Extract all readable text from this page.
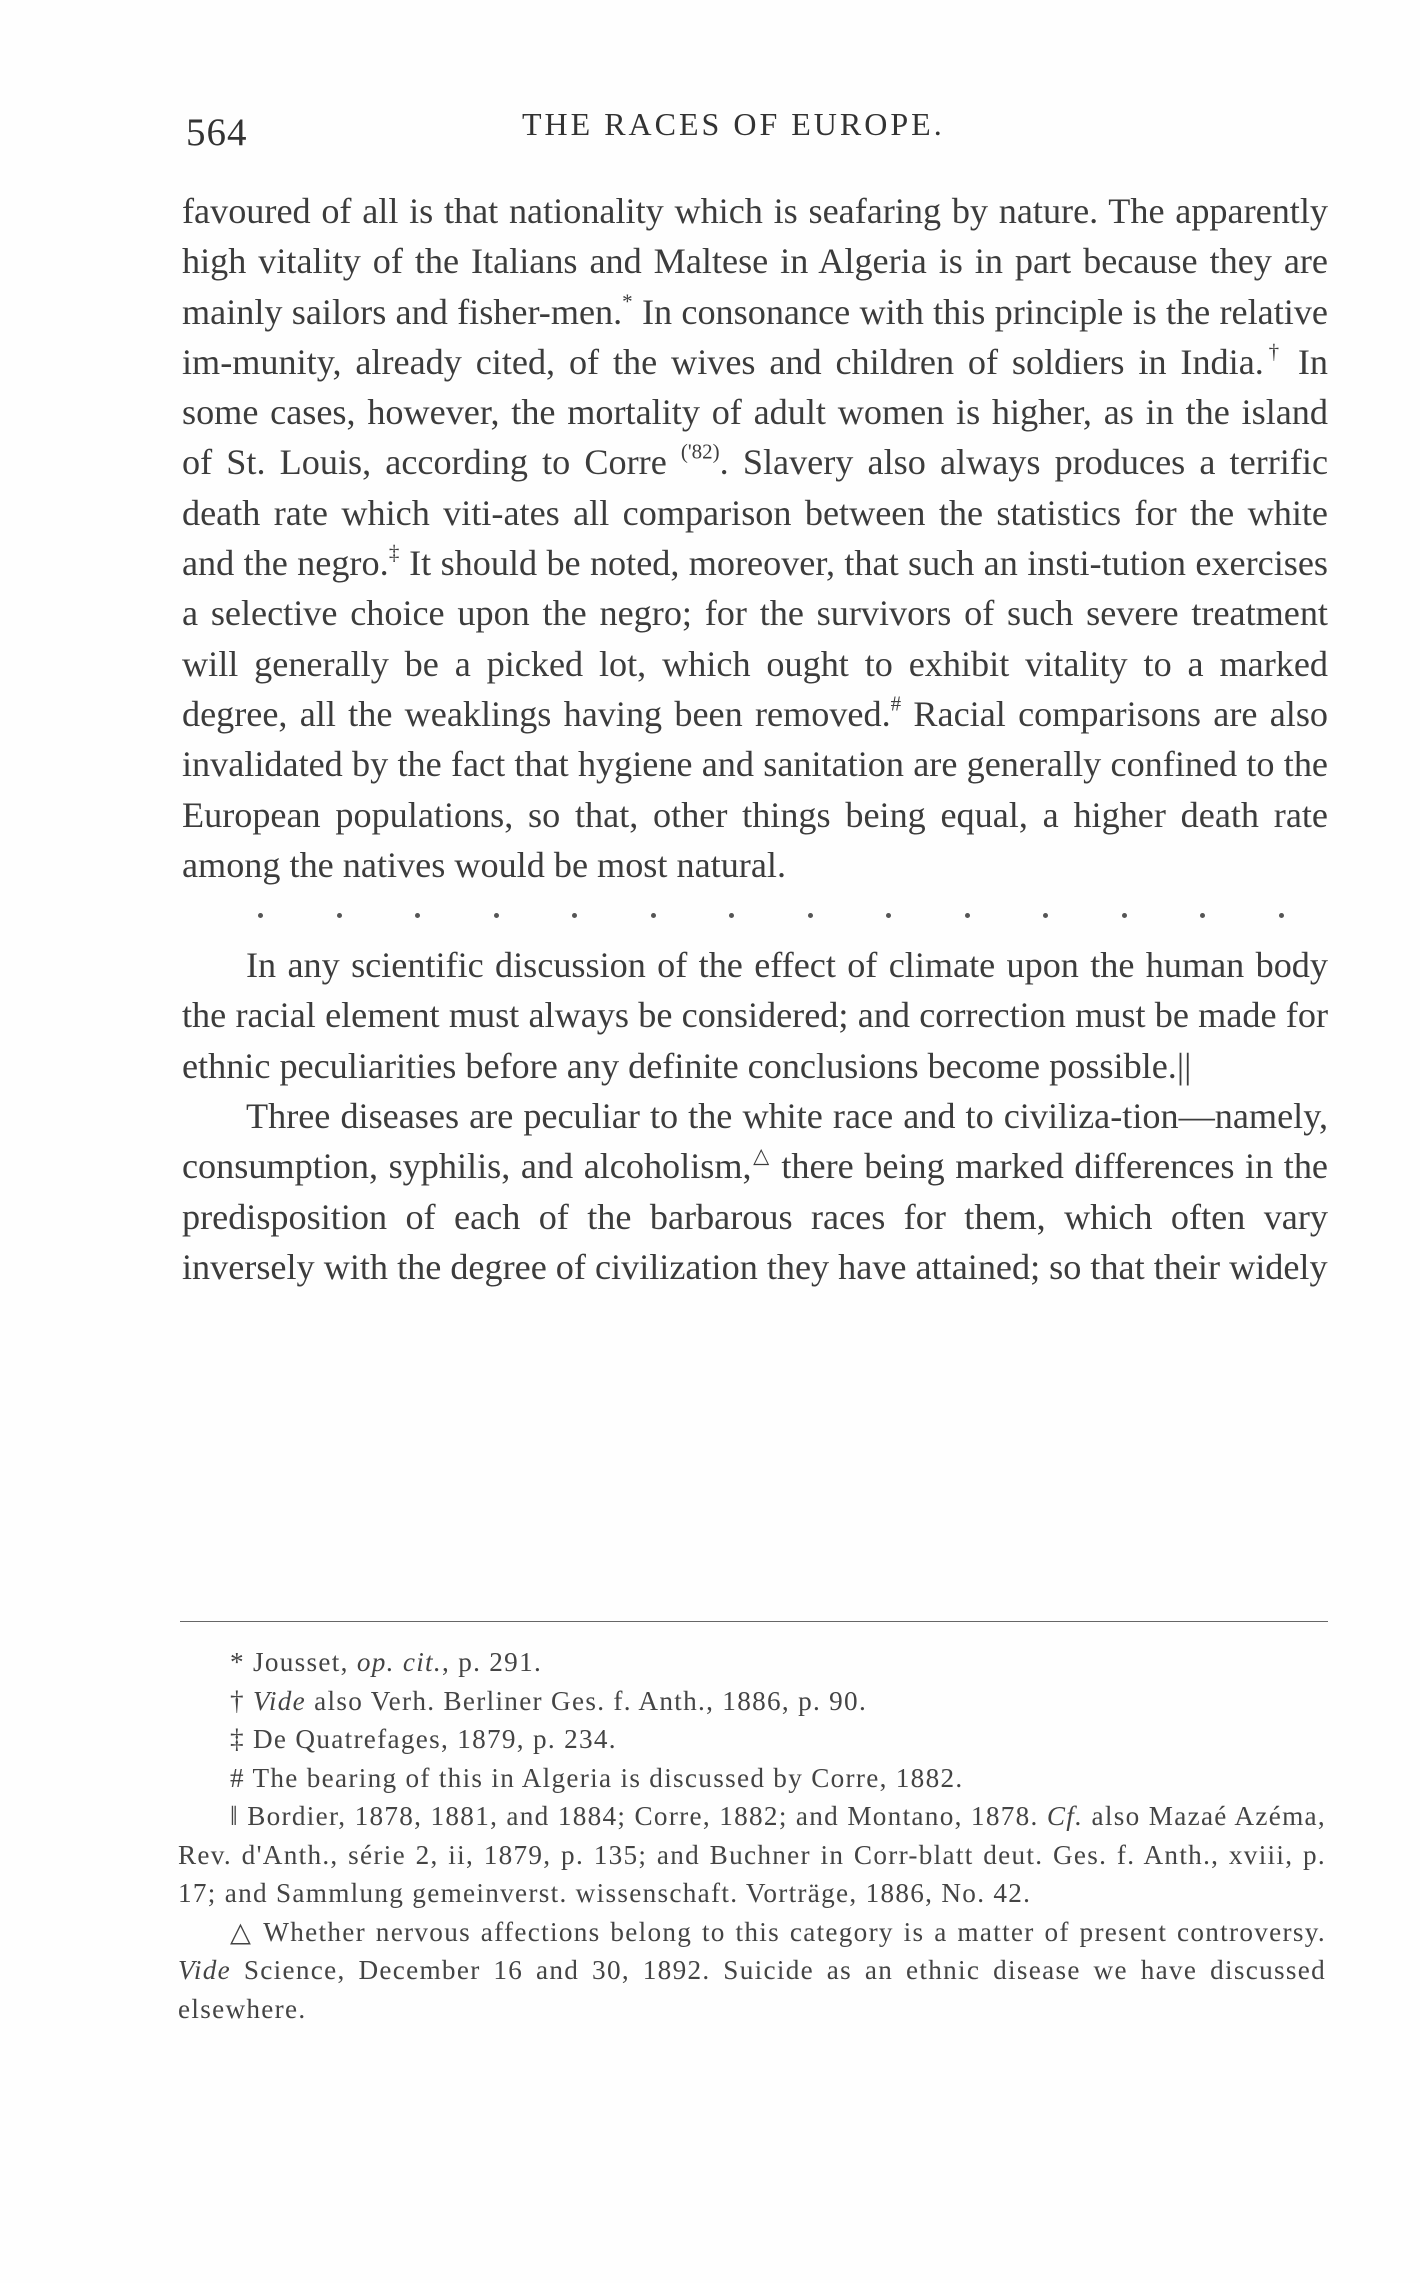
564	THE RACES OF EUROPE.

favoured of all is that nationality which is seafaring by nature. The apparently high vitality of the Italians and Maltese in Algeria is in part because they are mainly sailors and fisher-men.* In consonance with this principle is the relative im-munity, already cited, of the wives and children of soldiers in India.† In some cases, however, the mortality of adult women is higher, as in the island of St. Louis, according to Corre $^{('82)}$. Slavery also always produces a terrific death rate which viti-ates all comparison between the statistics for the white and the negro.‡ It should be noted, moreover, that such an insti-tution exercises a selective choice upon the negro; for the survivors of such severe treatment will generally be a picked lot, which ought to exhibit vitality to a marked degree, all the weaklings having been removed.# Racial comparisons are also invalidated by the fact that hygiene and sanitation are generally confined to the European populations, so that, other things being equal, a higher death rate among the natives would be most natural.

In any scientific discussion of the effect of climate upon the human body the racial element must always be considered; and correction must be made for ethnic peculiarities before any definite conclusions become possible.||

Three diseases are peculiar to the white race and to civiliza-tion—namely, consumption, syphilis, and alcoholism,△ there being marked differences in the predisposition of each of the barbarous races for them, which often vary inversely with the degree of civilization they have attained; so that their widely

* Jousset, op. cit., p. 291.

† Vide also Verh. Berliner Ges. f. Anth., 1886, p. 90.

‡ De Quatrefages, 1879, p. 234.

# The bearing of this in Algeria is discussed by Corre, 1882.

‖ Bordier, 1878, 1881, and 1884; Corre, 1882; and Montano, 1878. Cf. also Mazaé Azéma, Rev. d'Anth., série 2, ii, 1879, p. 135; and Buchner in Corr-blatt deut. Ges. f. Anth., xviii, p. 17; and Sammlung gemeinverst. wissenschaft. Vorträge, 1886, No. 42.

△ Whether nervous affections belong to this category is a matter of present controversy. Vide Science, December 16 and 30, 1892. Suicide as an ethnic disease we have discussed elsewhere.
